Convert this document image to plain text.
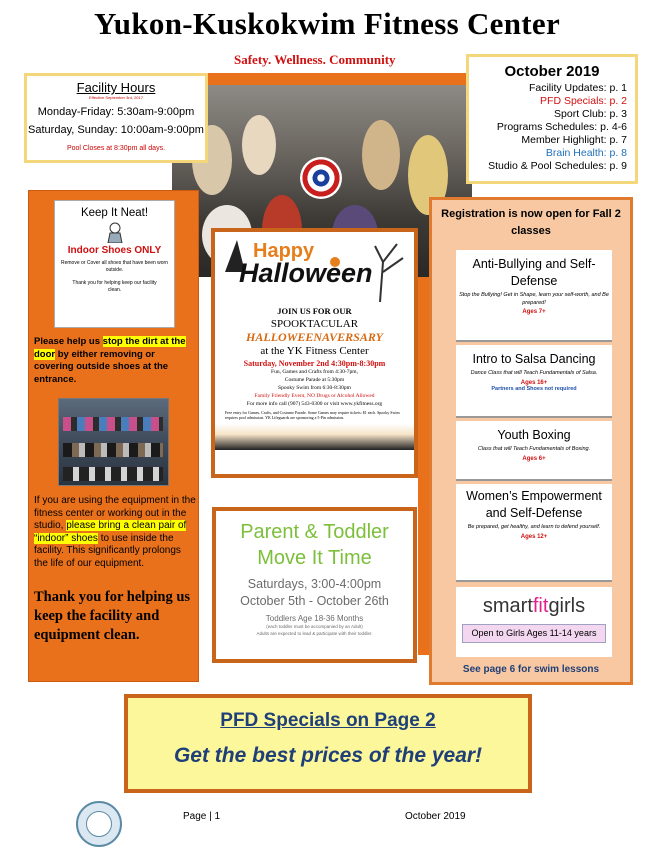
Yukon-Kuskokwim Fitness Center
Safety. Wellness. Community
Facility Hours
Effective September 3rd, 2017
Monday-Friday: 5:30am-9:00pm
Saturday, Sunday: 10:00am-9:00pm
Pool Closes at 8:30pm all days.
October 2019
Facility Updates: p. 1
PFD Specials: p. 2
Sport Club: p. 3
Programs Schedules: p. 4-6
Member Highlight: p. 7
Brain Health: p. 8
Studio & Pool Schedules: p. 9
Keep It Neat!
Indoor Shoes ONLY
Remove or Cover all shoes that have been worn outside.
Thank you for helping keep our facility clean.
Please help us stop the dirt at the door by either removing or covering outside shoes at the entrance.
If you are using the equipment in the fitness center or working out in the studio, please bring a clean pair of “indoor” shoes to use inside the facility. This significantly prolongs the life of our equipment.
Thank you for helping us keep the facility and equipment clean.
Happy
Halloween
JOIN US FOR OUR
SPOOKTACULAR
HALLOWEENAVERSARY
at the YK Fitness Center
Saturday, November 2nd 4:30pm-8:30pm
Fun, Games and Crafts from 4:30-7pm,
Costume Parade at 5:30pm
Spooky Swim from 6:30-8:30pm
Family Friendly Event, NO Drugs or Alcohol Allowed
For more info call (907) 543-0300 or visit www.ykfitness.org
Free entry for Games, Crafts, and Costume Parade. Some Games may require tickets: $1 each. Spooky Swim requires pool admission. YK Lifeguards are sponsoring a 5-Pin admission.
Parent & Toddler Move It Time
Saturdays, 3:00-4:00pm
October 5th - October 26th
Toddlers Age 18-36 Months
(each toddler must be accompanied by an Adult)
Adults are expected to lead & participate with their toddler.
Registration is now open for Fall 2 classes
Anti-Bullying and Self-Defense
Stop the Bullying! Get in Shape, learn your self-worth, and Be prepared!
Ages 7+
Intro to Salsa Dancing
Dance Class that will Teach Fundamentals of Salsa.
Ages 16+
Partners and Shoes not required
Youth Boxing
Class that will Teach Fundamentals of Boxing.
Ages 6+
Women’s Empowerment and Self-Defense
Be prepared, get healthy, and learn to defend yourself.
Ages 12+
smartfitgirls
Open to Girls Ages 11-14 years
See page 6 for swim lessons
PFD Specials on Page 2
Get the best prices of the year!
Page | 1	October 2019
